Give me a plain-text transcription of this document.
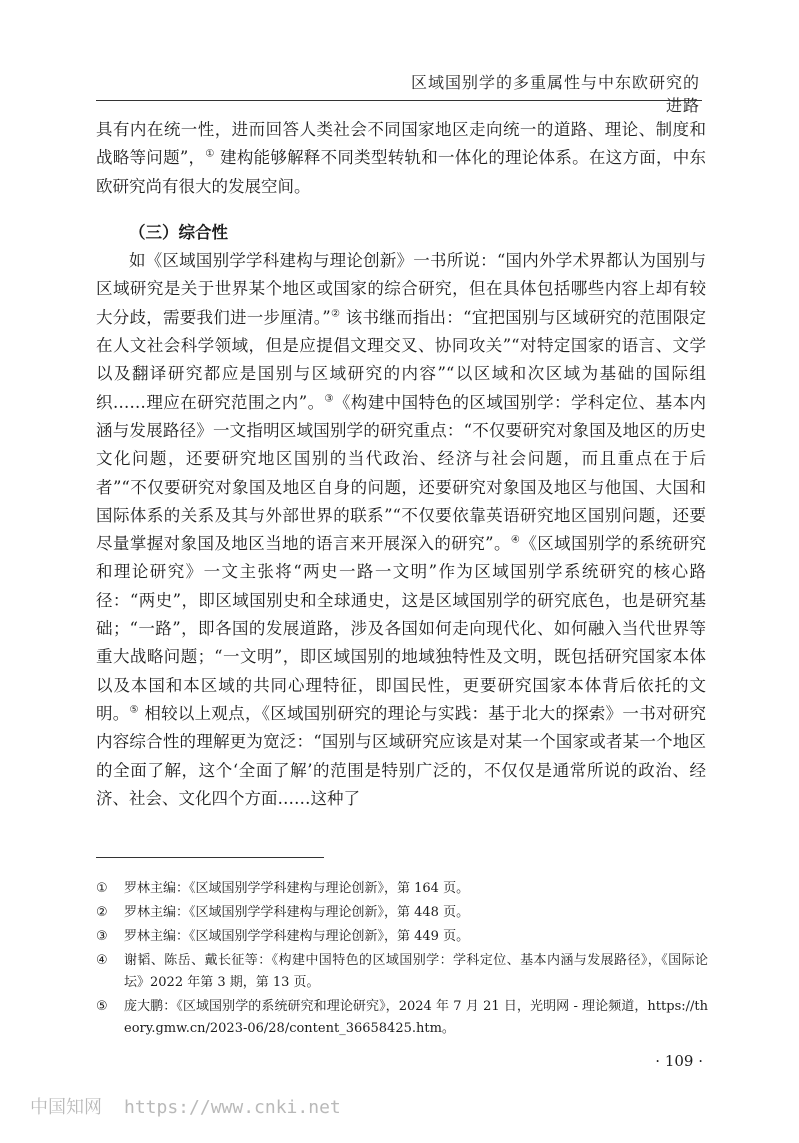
区域国别学的多重属性与中东欧研究的进路

具有内在统一性，进而回答人类社会不同国家地区走向统一的道路、理论、制度和战略等问题”，① 建构能够解释不同类型转轨和一体化的理论体系。在这方面，中东欧研究尚有很大的发展空间。

（三）综合性

如《区域国别学学科建构与理论创新》一书所说：“国内外学术界都认为国别与区域研究是关于世界某个地区或国家的综合研究，但在具体包括哪些内容上却有较大分歧，需要我们进一步厘清。”② 该书继而指出：“宜把国别与区域研究的范围限定在人文社会科学领域，但是应提倡文理交叉、协同攻关”“对特定国家的语言、文学以及翻译研究都应是国别与区域研究的内容”“以区域和次区域为基础的国际组织……理应在研究范围之内”。③《构建中国特色的区域国别学：学科定位、基本内涵与发展路径》一文指明区域国别学的研究重点：“不仅要研究对象国及地区的历史文化问题，还要研究地区国别的当代政治、经济与社会问题，而且重点在于后者”“不仅要研究对象国及地区自身的问题，还要研究对象国及地区与他国、大国和国际体系的关系及其与外部世界的联系”“不仅要依靠英语研究地区国别问题，还要尽量掌握对象国及地区当地的语言来开展深入的研究”。④《区域国别学的系统研究和理论研究》一文主张将“两史一路一文明”作为区域国别学系统研究的核心路径：“两史”，即区域国别史和全球通史，这是区域国别学的研究底色，也是研究基础；“一路”，即各国的发展道路，涉及各国如何走向现代化、如何融入当代世界等重大战略问题；“一文明”，即区域国别的地域独特性及文明，既包括研究国家本体以及本国和本区域的共同心理特征，即国民性，更要研究国家本体背后依托的文明。⑤ 相较以上观点，《区域国别研究的理论与实践：基于北大的探索》一书对研究内容综合性的理解更为宽泛：“国别与区域研究应该是对某一个国家或者某一个地区的全面了解，这个‘全面了解’的范围是特别广泛的，不仅仅是通常所说的政治、经济、社会、文化四个方面……这种了

①	罗林主编：《区域国别学学科建构与理论创新》，第 164 页。
②	罗林主编：《区域国别学学科建构与理论创新》，第 448 页。
③	罗林主编：《区域国别学学科建构与理论创新》，第 449 页。
④	谢韬、陈岳、戴长征等：《构建中国特色的区域国别学：学科定位、基本内涵与发展路径》，《国际论坛》2022 年第 3 期，第 13 页。
⑤	庞大鹏：《区域国别学的系统研究和理论研究》，2024 年 7 月 21 日，光明网 - 理论频道，https://theory.gmw.cn/2023-06/28/content_36658425.htm。
· 109 ·
中国知网 https://www.cnki.net
